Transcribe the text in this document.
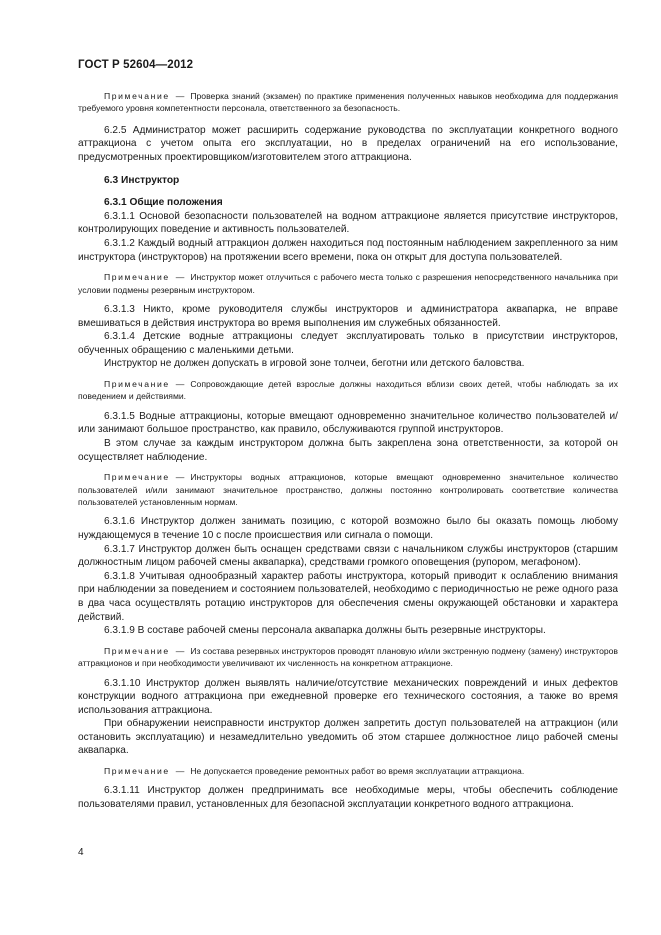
ГОСТ Р 52604—2012

Примечание — Проверка знаний (экзамен) по практике применения полученных навыков необходима для поддержания требуемого уровня компетентности персонала, ответственного за безопасность.

6.2.5 Администратор может расширить содержание руководства по эксплуатации конкретного водного аттракциона с учетом опыта его эксплуатации, но в пределах ограничений на его использование, предусмотренных проектировщиком/изготовителем этого аттракциона.

6.3 Инструктор

6.3.1 Общие положения

6.3.1.1 Основой безопасности пользователей на водном аттракционе является присутствие инструкторов, контролирующих поведение и активность пользователей.

6.3.1.2 Каждый водный аттракцион должен находиться под постоянным наблюдением закрепленного за ним инструктора (инструкторов) на протяжении всего времени, пока он открыт для доступа пользователей.

Примечание — Инструктор может отлучиться с рабочего места только с разрешения непосредственного начальника при условии подмены резервным инструктором.

6.3.1.3 Никто, кроме руководителя службы инструкторов и администратора аквапарка, не вправе вмешиваться в действия инструктора во время выполнения им служебных обязанностей.

6.3.1.4 Детские водные аттракционы следует эксплуатировать только в присутствии инструкторов, обученных обращению с маленькими детьми.

Инструктор не должен допускать в игровой зоне толчеи, беготни или детского баловства.

Примечание — Сопровождающие детей взрослые должны находиться вблизи своих детей, чтобы наблюдать за их поведением и действиями.

6.3.1.5 Водные аттракционы, которые вмещают одновременно значительное количество пользователей и/или занимают большое пространство, как правило, обслуживаются группой инструкторов.

В этом случае за каждым инструктором должна быть закреплена зона ответственности, за которой он осуществляет наблюдение.

Примечание — Инструкторы водных аттракционов, которые вмещают одновременно значительное количество пользователей и/или занимают значительное пространство, должны постоянно контролировать соответствие количества пользователей установленным нормам.

6.3.1.6 Инструктор должен занимать позицию, с которой возможно было бы оказать помощь любому нуждающемуся в течение 10 с после происшествия или сигнала о помощи.

6.3.1.7 Инструктор должен быть оснащен средствами связи с начальником службы инструкторов (старшим должностным лицом рабочей смены аквапарка), средствами громкого оповещения (рупором, мегафоном).

6.3.1.8 Учитывая однообразный характер работы инструктора, который приводит к ослаблению внимания при наблюдении за поведением и состоянием пользователей, необходимо с периодичностью не реже одного раза в два часа осуществлять ротацию инструкторов для обеспечения смены окружающей обстановки и характера действий.

6.3.1.9 В составе рабочей смены персонала аквапарка должны быть резервные инструкторы.

Примечание — Из состава резервных инструкторов проводят плановую и/или экстренную подмену (замену) инструкторов аттракционов и при необходимости увеличивают их численность на конкретном аттракционе.

6.3.1.10 Инструктор должен выявлять наличие/отсутствие механических повреждений и иных дефектов конструкции водного аттракциона при ежедневной проверке его технического состояния, а также во время использования аттракциона.

При обнаружении неисправности инструктор должен запретить доступ пользователей на аттракцион (или остановить эксплуатацию) и незамедлительно уведомить об этом старшее должностное лицо рабочей смены аквапарка.

Примечание — Не допускается проведение ремонтных работ во время эксплуатации аттракциона.

6.3.1.11 Инструктор должен предпринимать все необходимые меры, чтобы обеспечить соблюдение пользователями правил, установленных для безопасной эксплуатации конкретного водного аттракциона.

4
